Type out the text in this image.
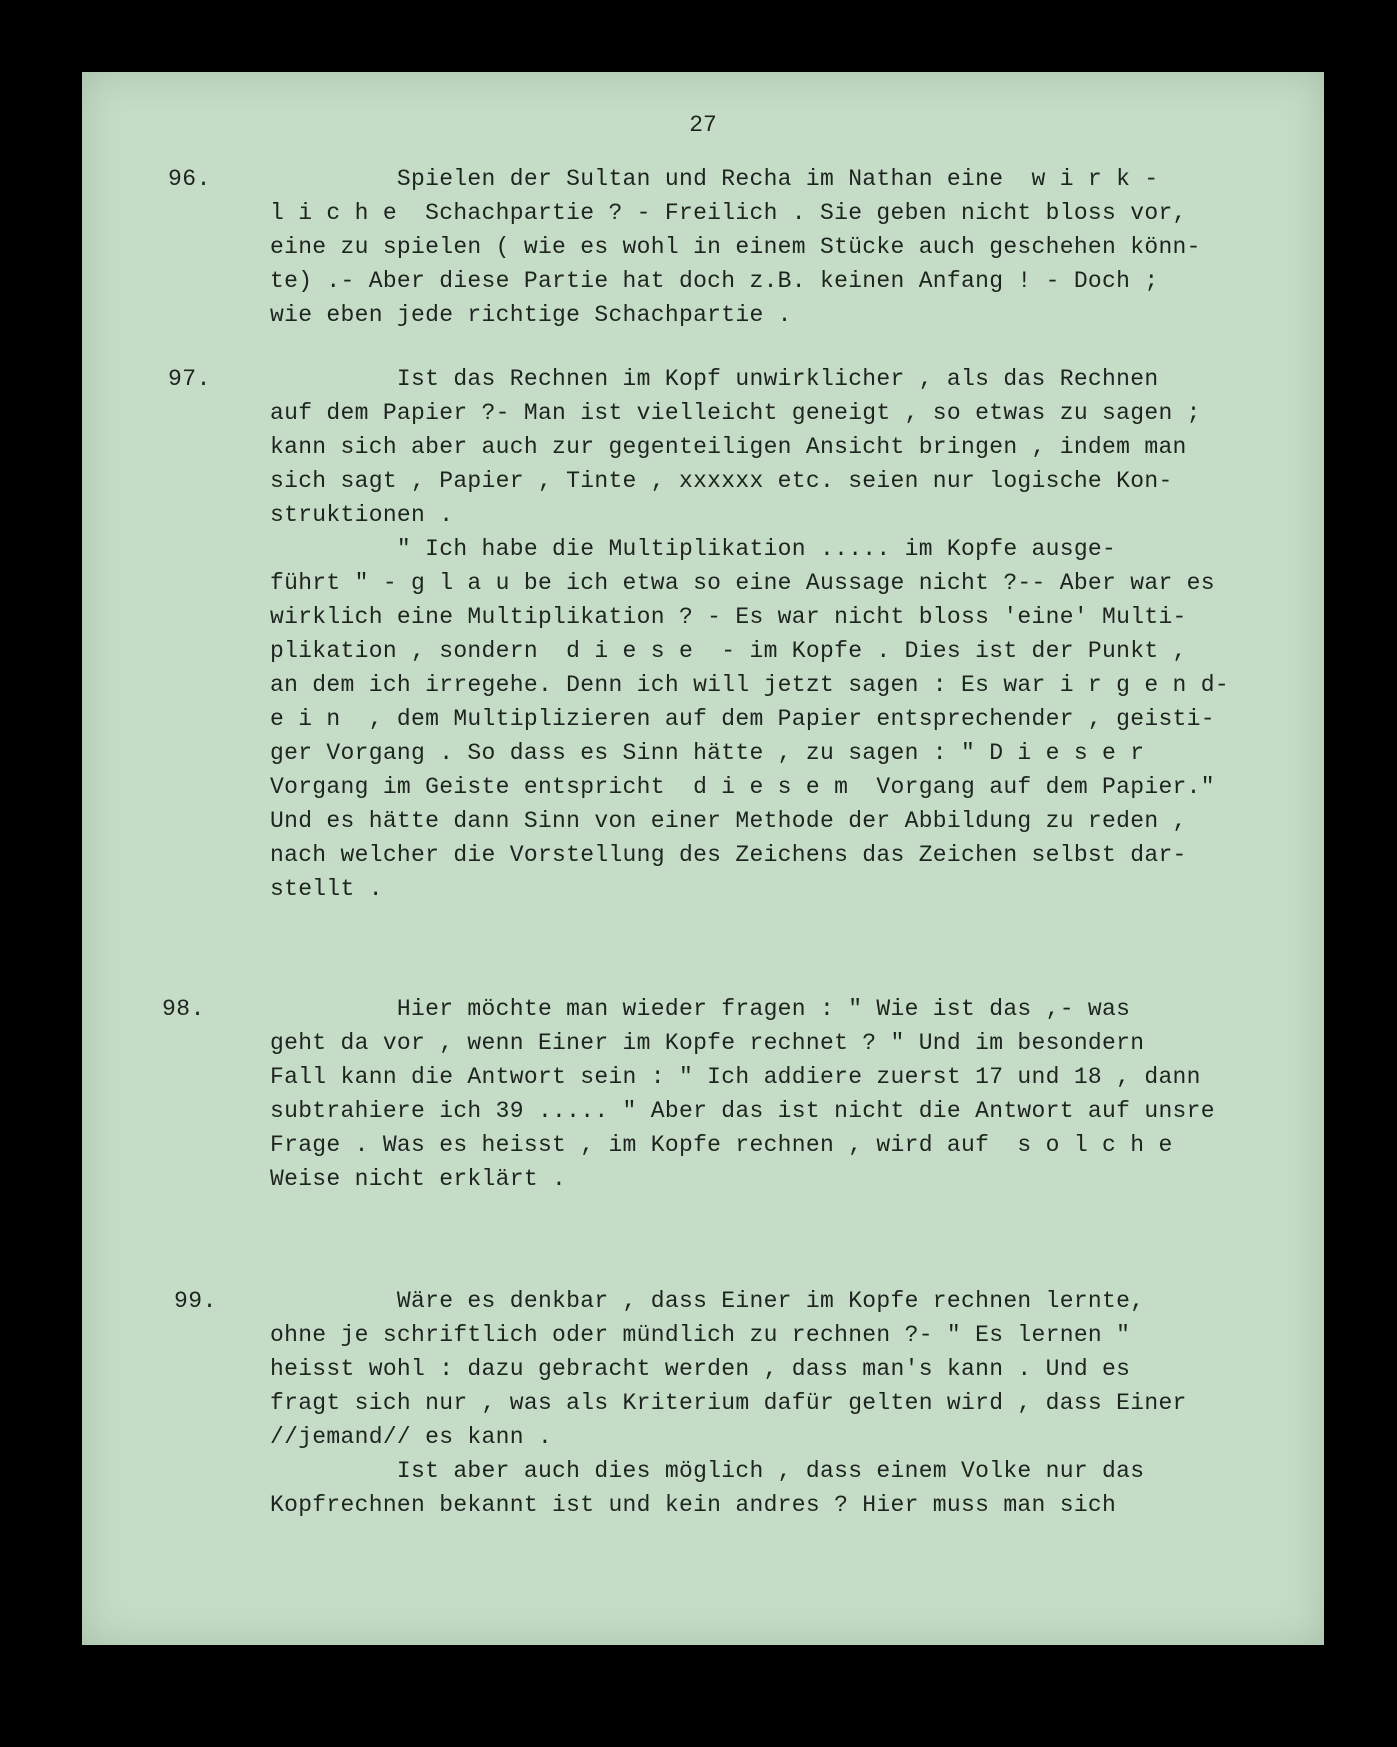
27
96.	Spielen der Sultan und Recha im Nathan eine  w i r k -
l i c h e  Schachpartie ? - Freilich . Sie geben nicht bloss vor,
eine zu spielen ( wie es wohl in einem Stücke auch geschehen könn-
te) .- Aber diese Partie hat doch z.B. keinen Anfang ! - Doch ;
wie eben jede richtige Schachpartie .
97.	Ist das Rechnen im Kopf unwirklicher , als das Rechnen
auf dem Papier ?- Man ist vielleicht geneigt , so etwas zu sagen ;
kann sich aber auch zur gegenteiligen Ansicht bringen , indem man
sich sagt , Papier , Tinte , xxxxxx etc. seien nur logische Kon-
struktionen .
" Ich habe die Multiplikation ..... im Kopfe ausge-
führt " - g l a u be ich etwa so eine Aussage nicht ?-- Aber war es
wirklich eine Multiplikation ? - Es war nicht bloss 'eine' Multi-
plikation , sondern  d i e s e  - im Kopfe . Dies ist der Punkt ,
an dem ich irregehe. Denn ich will jetzt sagen : Es war i r g e n d-
e i n  , dem Multiplizieren auf dem Papier entsprechender , geisti-
ger Vorgang . So dass es Sinn hätte , zu sagen : " D i e s e r
Vorgang im Geiste entspricht  d i e s e m  Vorgang auf dem Papier."
Und es hätte dann Sinn von einer Methode der Abbildung zu reden ,
nach welcher die Vorstellung des Zeichens das Zeichen selbst dar-
stellt .
98.	Hier möchte man wieder fragen : " Wie ist das ,- was
geht da vor , wenn Einer im Kopfe rechnet ? " Und im besondern
Fall kann die Antwort sein : " Ich addiere zuerst 17 und 18 , dann
subtrahiere ich 39 ..... " Aber das ist nicht die Antwort auf unsre
Frage . Was es heisst , im Kopfe rechnen , wird auf  s o l c h e
Weise nicht erklärt .
99. Wäre es denkbar , dass Einer im Kopfe rechnen lernte,
ohne je schriftlich oder mündlich zu rechnen ?- " Es lernen "
heisst wohl : dazu gebracht werden , dass man's kann . Und es
fragt sich nur , was als Kriterium dafür gelten wird , dass Einer
//jemand// es kann .
Ist aber auch dies möglich , dass einem Volke nur das
Kopfrechnen bekannt ist und kein andres ? Hier muss man sich
